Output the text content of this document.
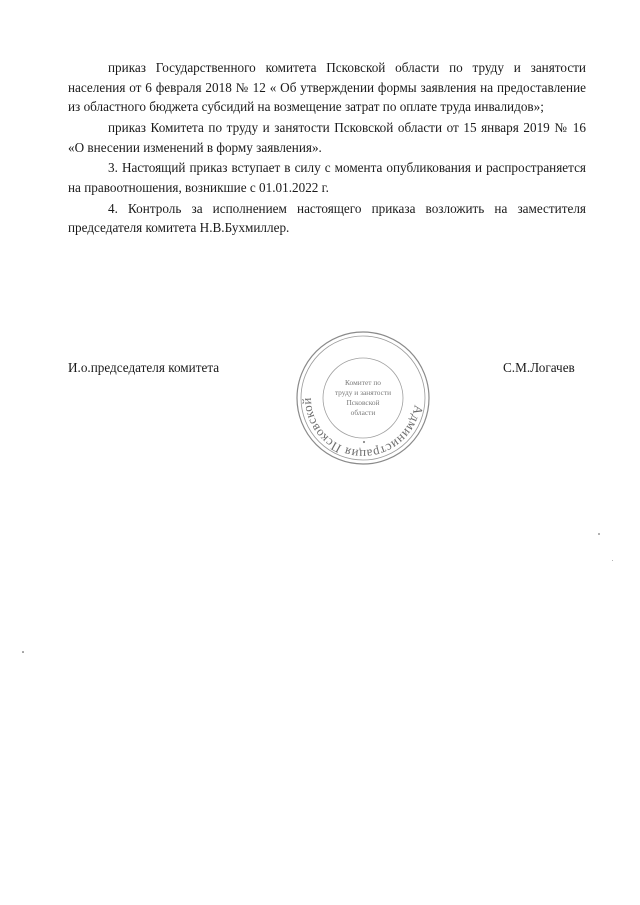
приказ Государственного комитета Псковской области по труду и занятости населения от 6 февраля 2018 № 12 « Об утверждении формы заявления на предоставление из областного бюджета субсидий на возмещение затрат по оплате труда инвалидов»;

приказ Комитета по труду и занятости Псковской области от 15 января 2019 № 16 «О внесении изменений в форму заявления».

3. Настоящий приказ вступает в силу с момента опубликования и распространяется на правоотношения, возникшие с 01.01.2022 г.

4. Контроль за исполнением настоящего приказа возложить на заместителя председателя комитета Н.В.Бухмиллер.

И.о.председателя комитета	С.М.Логачев
Администрация Псковской
Комитет по
труду и занятости
Псковской
области
